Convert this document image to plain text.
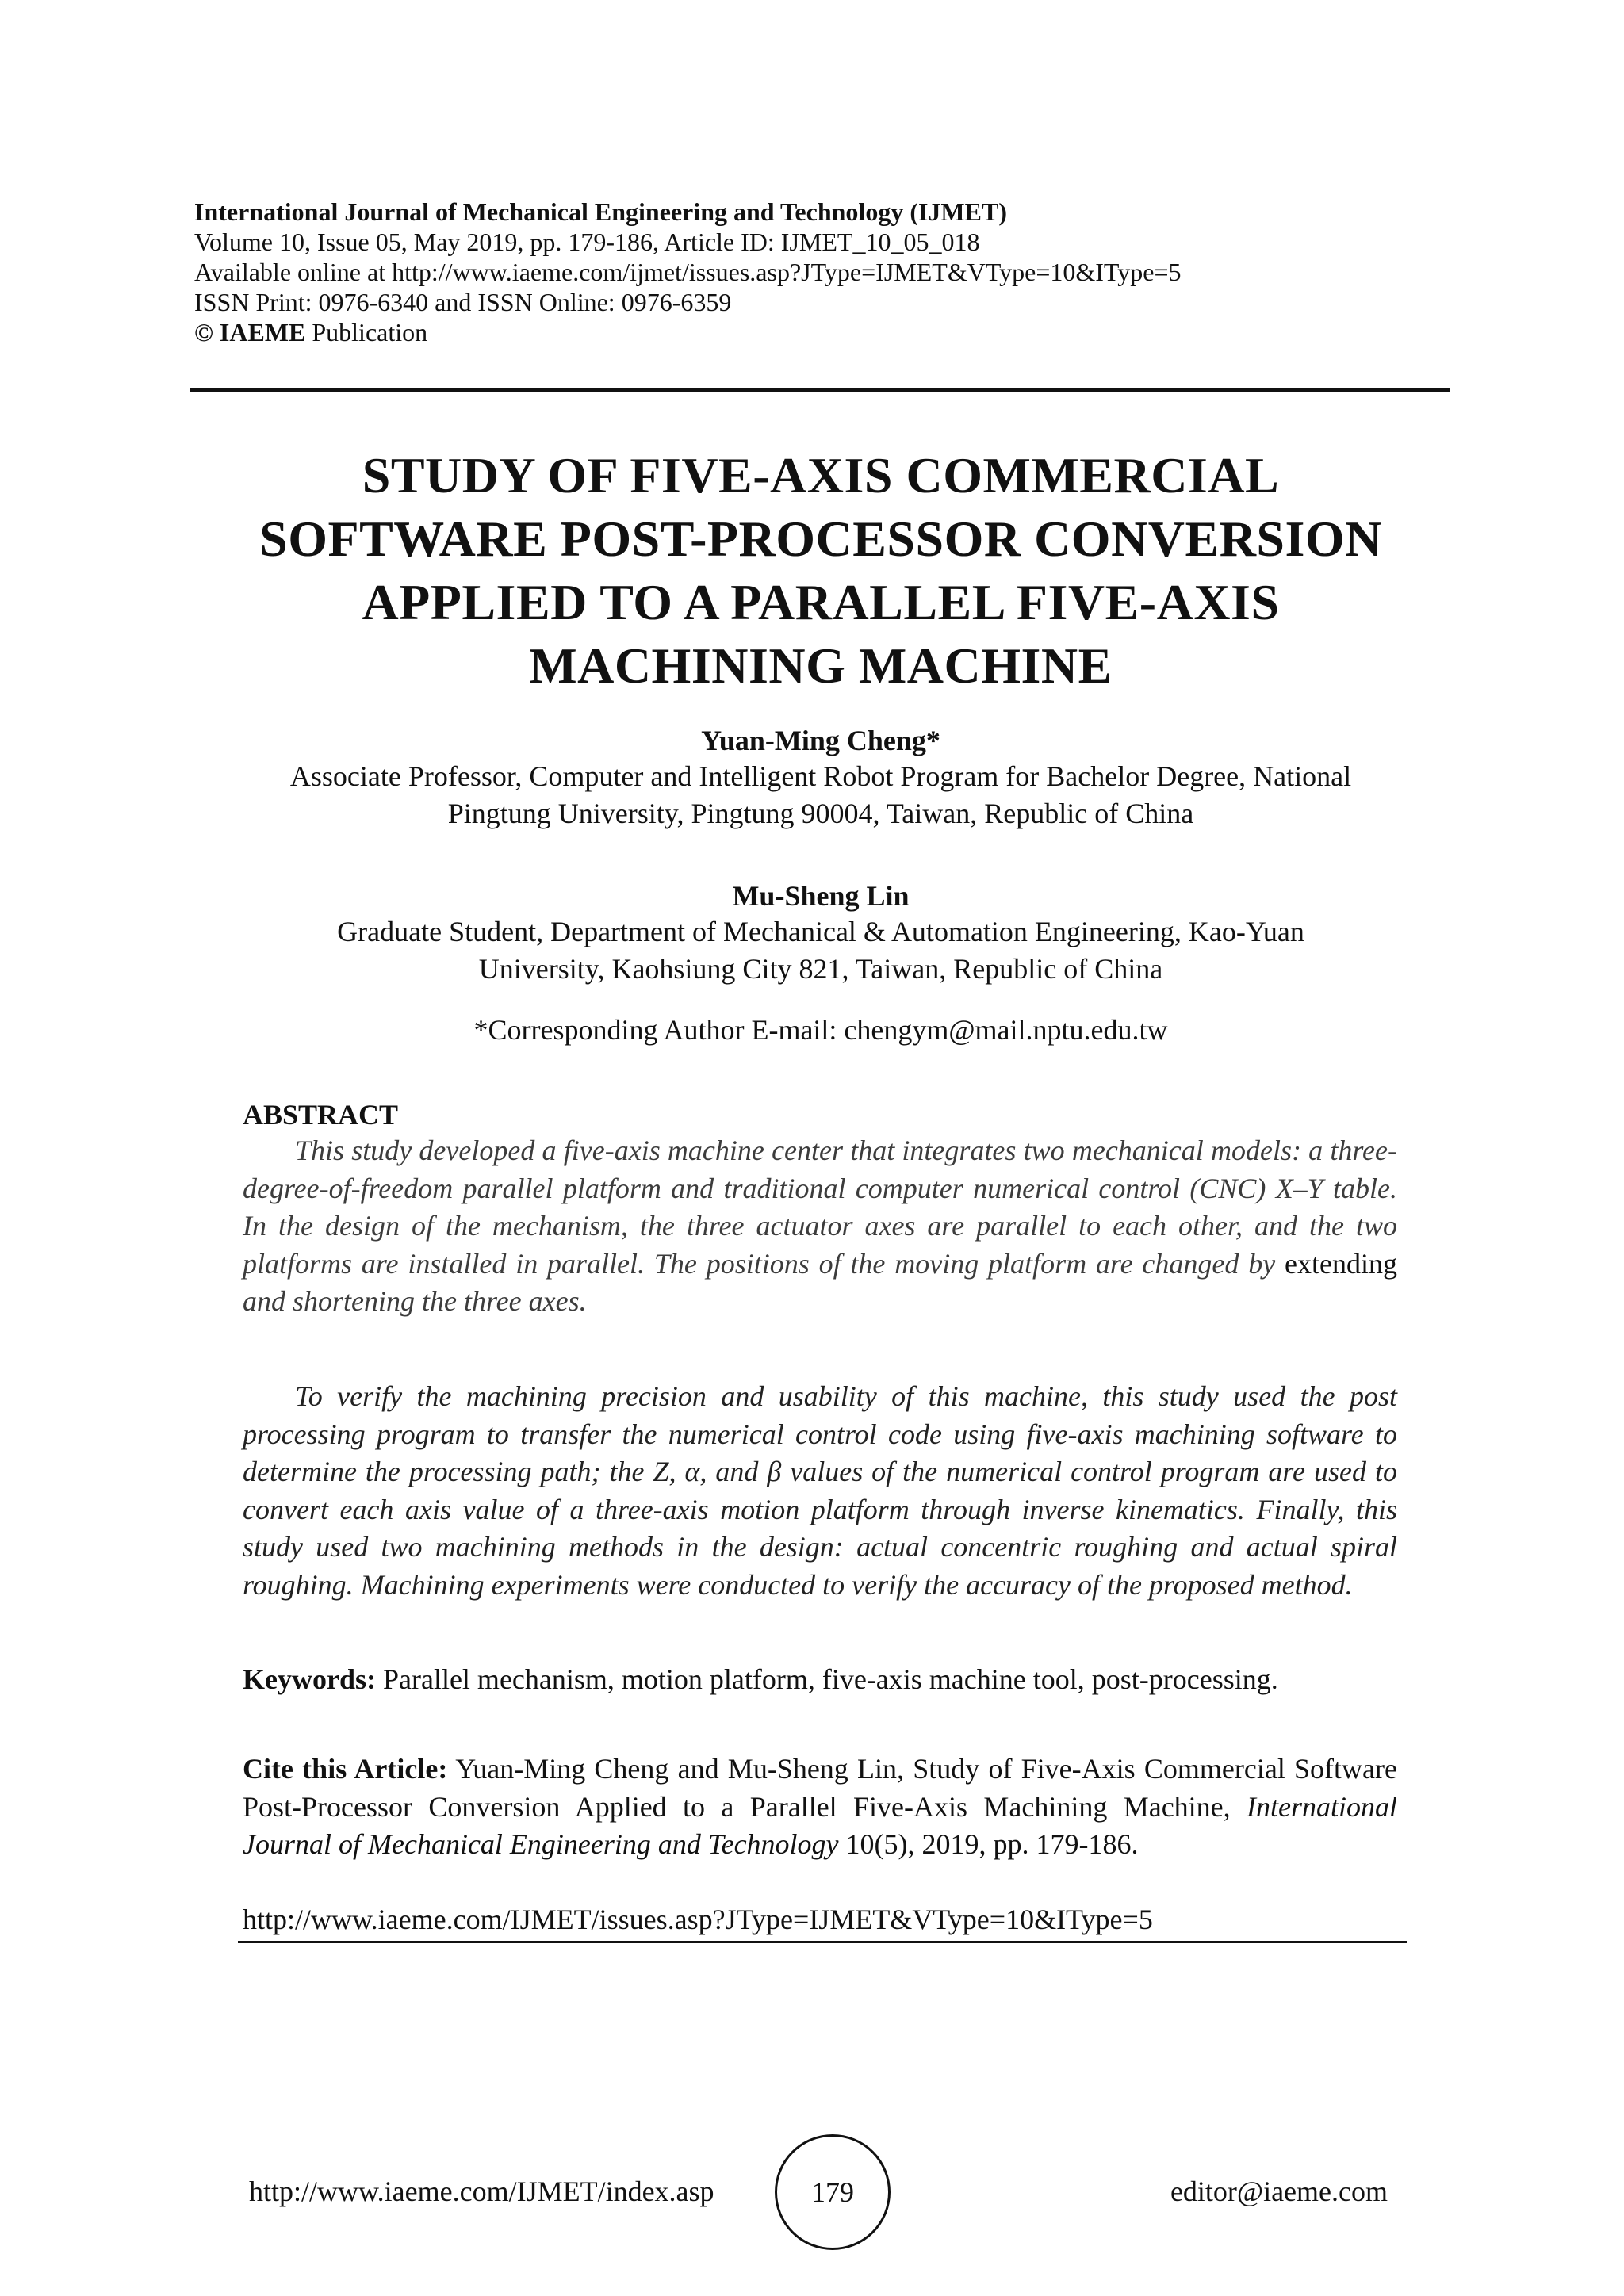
International Journal of Mechanical Engineering and Technology (IJMET)
Volume 10, Issue 05, May 2019, pp. 179-186, Article ID: IJMET_10_05_018
Available online at http://www.iaeme.com/ijmet/issues.asp?JType=IJMET&VType=10&IType=5
ISSN Print: 0976-6340 and ISSN Online: 0976-6359
© IAEME Publication
STUDY OF FIVE-AXIS COMMERCIAL
SOFTWARE POST-PROCESSOR CONVERSION
APPLIED TO A PARALLEL FIVE-AXIS
MACHINING MACHINE
Yuan-Ming Cheng*
Associate Professor, Computer and Intelligent Robot Program for Bachelor Degree, National
Pingtung University, Pingtung 90004, Taiwan, Republic of China
Mu-Sheng Lin
Graduate Student, Department of Mechanical & Automation Engineering, Kao-Yuan
University, Kaohsiung City 821, Taiwan, Republic of China
*Corresponding Author E-mail: chengym@mail.nptu.edu.tw
ABSTRACT
This study developed a five-axis machine center that integrates two mechanical models: a three-degree-of-freedom parallel platform and traditional computer numerical control (CNC) X–Y table. In the design of the mechanism, the three actuator axes are parallel to each other, and the two platforms are installed in parallel. The positions of the moving platform are changed by extending and shortening the three axes.
To verify the machining precision and usability of this machine, this study used the post processing program to transfer the numerical control code using five-axis machining software to determine the processing path; the Z, α, and β values of the numerical control program are used to convert each axis value of a three-axis motion platform through inverse kinematics. Finally, this study used two machining methods in the design: actual concentric roughing and actual spiral roughing. Machining experiments were conducted to verify the accuracy of the proposed method.
Keywords: Parallel mechanism, motion platform, five-axis machine tool, post-processing.
Cite this Article: Yuan-Ming Cheng and Mu-Sheng Lin, Study of Five-Axis Commercial Software Post-Processor Conversion Applied to a Parallel Five-Axis Machining Machine, International Journal of Mechanical Engineering and Technology 10(5), 2019, pp. 179-186.
http://www.iaeme.com/IJMET/issues.asp?JType=IJMET&VType=10&IType=5
http://www.iaeme.com/IJMET/index.asp	179	editor@iaeme.com
